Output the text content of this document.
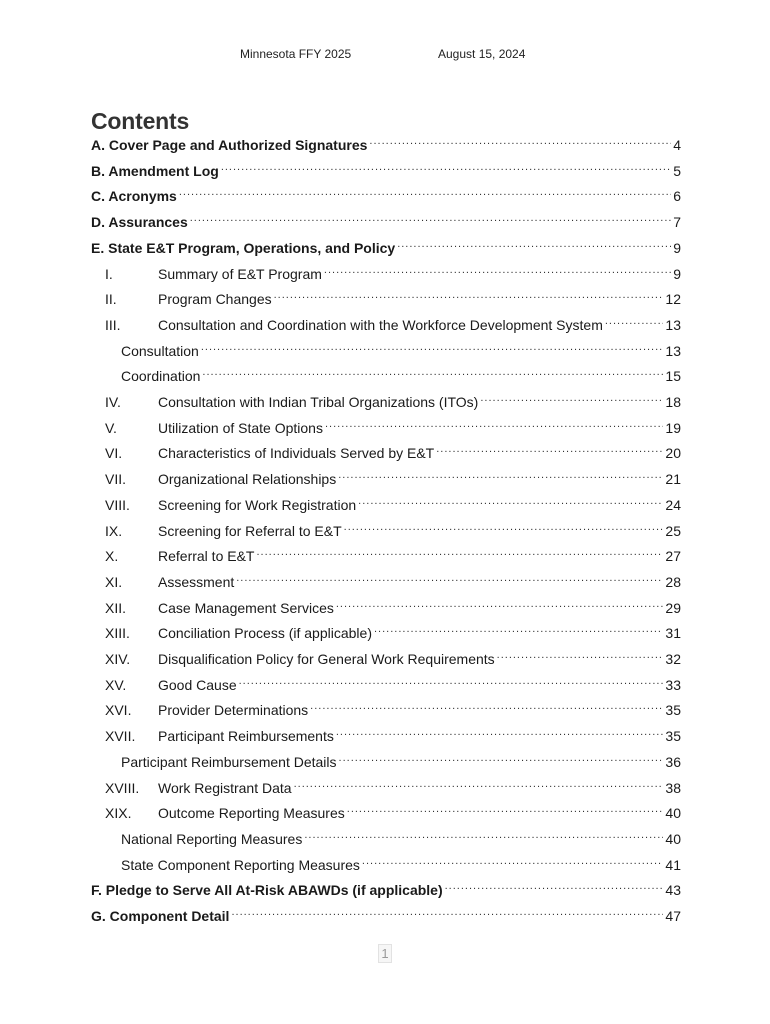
Minnesota FFY 2025	August 15, 2024
Contents
A. Cover Page and Authorized Signatures .....	4
B. Amendment Log .....	5
C. Acronyms .....	6
D. Assurances .....	7
E. State E&T Program, Operations, and Policy .....	9
I.	Summary of E&T Program .....	9
II.	Program Changes .....	12
III.	Consultation and Coordination with the Workforce Development System .....	13
Consultation .....	13
Coordination .....	15
IV.	Consultation with Indian Tribal Organizations (ITOs) .....	18
V.	Utilization of State Options .....	19
VI.	Characteristics of Individuals Served by E&T .....	20
VII.	Organizational Relationships .....	21
VIII.	Screening for Work Registration .....	24
IX.	Screening for Referral to E&T .....	25
X.	Referral to E&T .....	27
XI.	Assessment .....	28
XII.	Case Management Services .....	29
XIII.	Conciliation Process (if applicable) .....	31
XIV.	Disqualification Policy for General Work Requirements .....	32
XV.	Good Cause .....	33
XVI.	Provider Determinations .....	35
XVII.	Participant Reimbursements .....	35
Participant Reimbursement Details .....	36
XVIII.	Work Registrant Data .....	38
XIX.	Outcome Reporting Measures .....	40
National Reporting Measures .....	40
State Component Reporting Measures .....	41
F. Pledge to Serve All At-Risk ABAWDs (if applicable) .....	43
G. Component Detail .....	47
1
